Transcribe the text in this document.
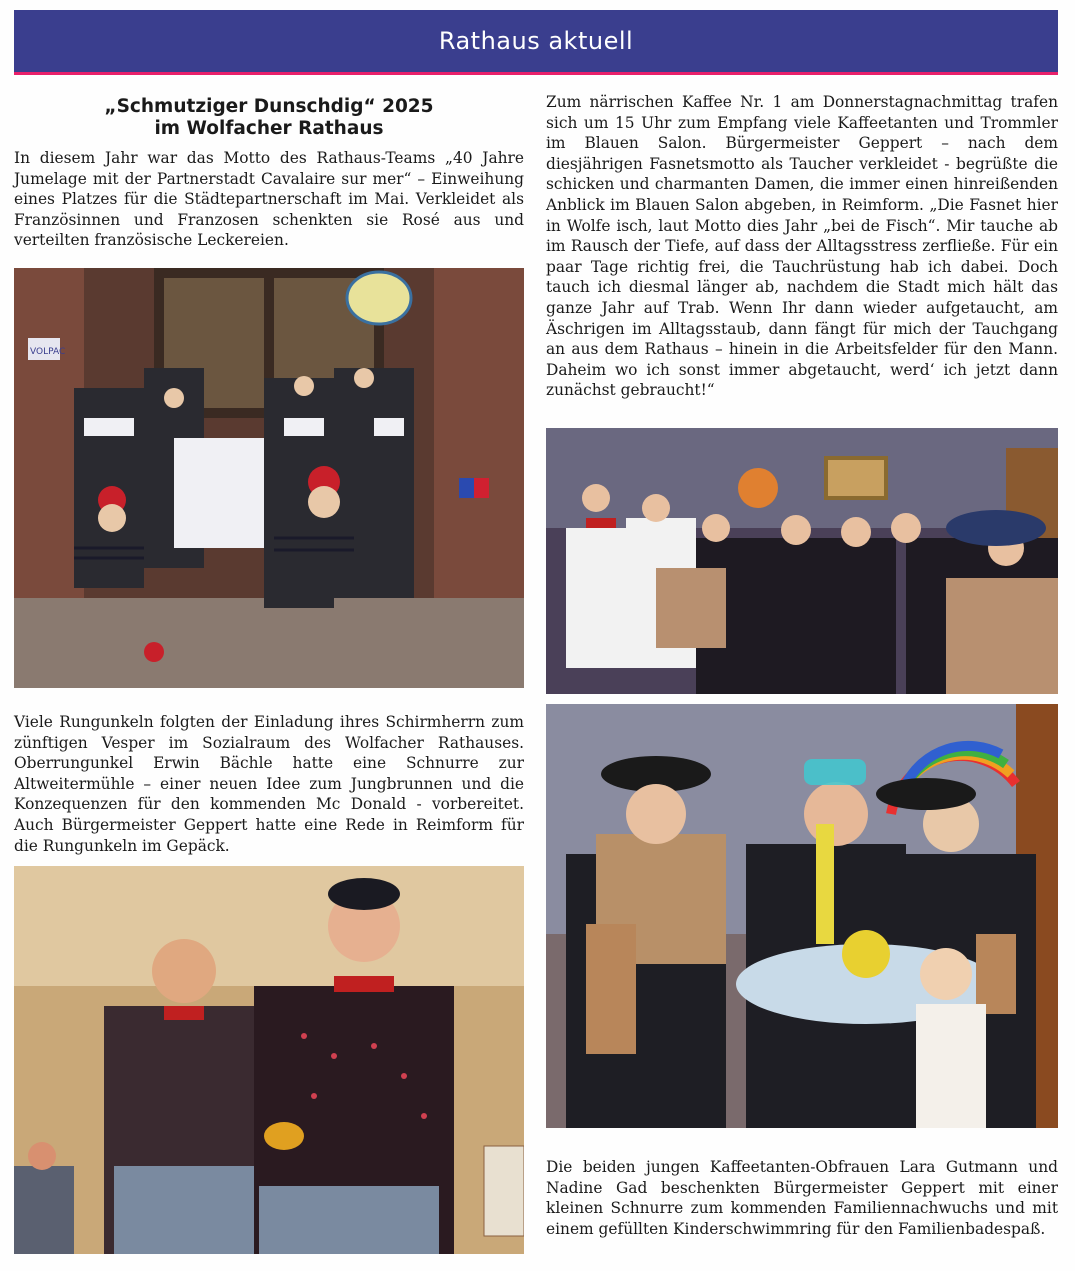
Rathaus aktuell
„Schmutziger Dunschdig“ 2025
im Wolfacher Rathaus

In diesem Jahr war das Motto des Rathaus-Teams „40 Jahre Jumelage mit der Partnerstadt Cavalaire sur mer“ – Einweihung eines Platzes für die Städtepartnerschaft im Mai. Verkleidet als Französinnen und Franzosen schenkten sie Rosé aus und verteilten französische Leckereien.

VOLPAC

Viele Rungunkeln folgten der Einladung ihres Schirmherrn zum zünftigen Vesper im Sozialraum des Wolfacher Rathauses. Oberrungunkel Erwin Bächle hatte eine Schnurre zur Altweitermühle – einer neuen Idee zum Jungbrunnen und die Konzequenzen für den kommenden Mc Donald - vorbereitet. Auch Bürgermeister Geppert hatte eine Rede in Reimform für die Rungunkeln im Gepäck.

Zum närrischen Kaffee Nr. 1 am Donnerstagnachmittag trafen sich um 15 Uhr zum Empfang viele Kaffeetanten und Trommler im Blauen Salon. Bürgermeister Geppert – nach dem diesjährigen Fasnetsmotto als Taucher verkleidet - begrüßte die schicken und charmanten Damen, die immer einen hinreißenden Anblick im Blauen Salon abgeben, in Reimform. „Die Fasnet hier in Wolfe isch, laut Motto dies Jahr „bei de Fisch“. Mir tauche ab im Rausch der Tiefe, auf dass der Alltagsstress zerfließe. Für ein paar Tage richtig frei, die Tauchrüstung hab ich dabei. Doch tauch ich diesmal länger ab, nachdem die Stadt mich hält das ganze Jahr auf Trab. Wenn Ihr dann wieder aufgetaucht, am Äschrigen im Alltagsstaub, dann fängt für mich der Tauchgang an aus dem Rathaus – hinein in die Arbeitsfelder für den Mann. Daheim wo ich sonst immer abgetaucht, werd‘ ich jetzt dann zunächst gebraucht!“

Die beiden jungen Kaffeetanten-Obfrauen Lara Gutmann und Nadine Gad beschenkten Bürgermeister Geppert mit einer kleinen Schnurre zum kommenden Familiennachwuchs und mit einem gefüllten Kinderschwimmring für den Familienbadespaß.
